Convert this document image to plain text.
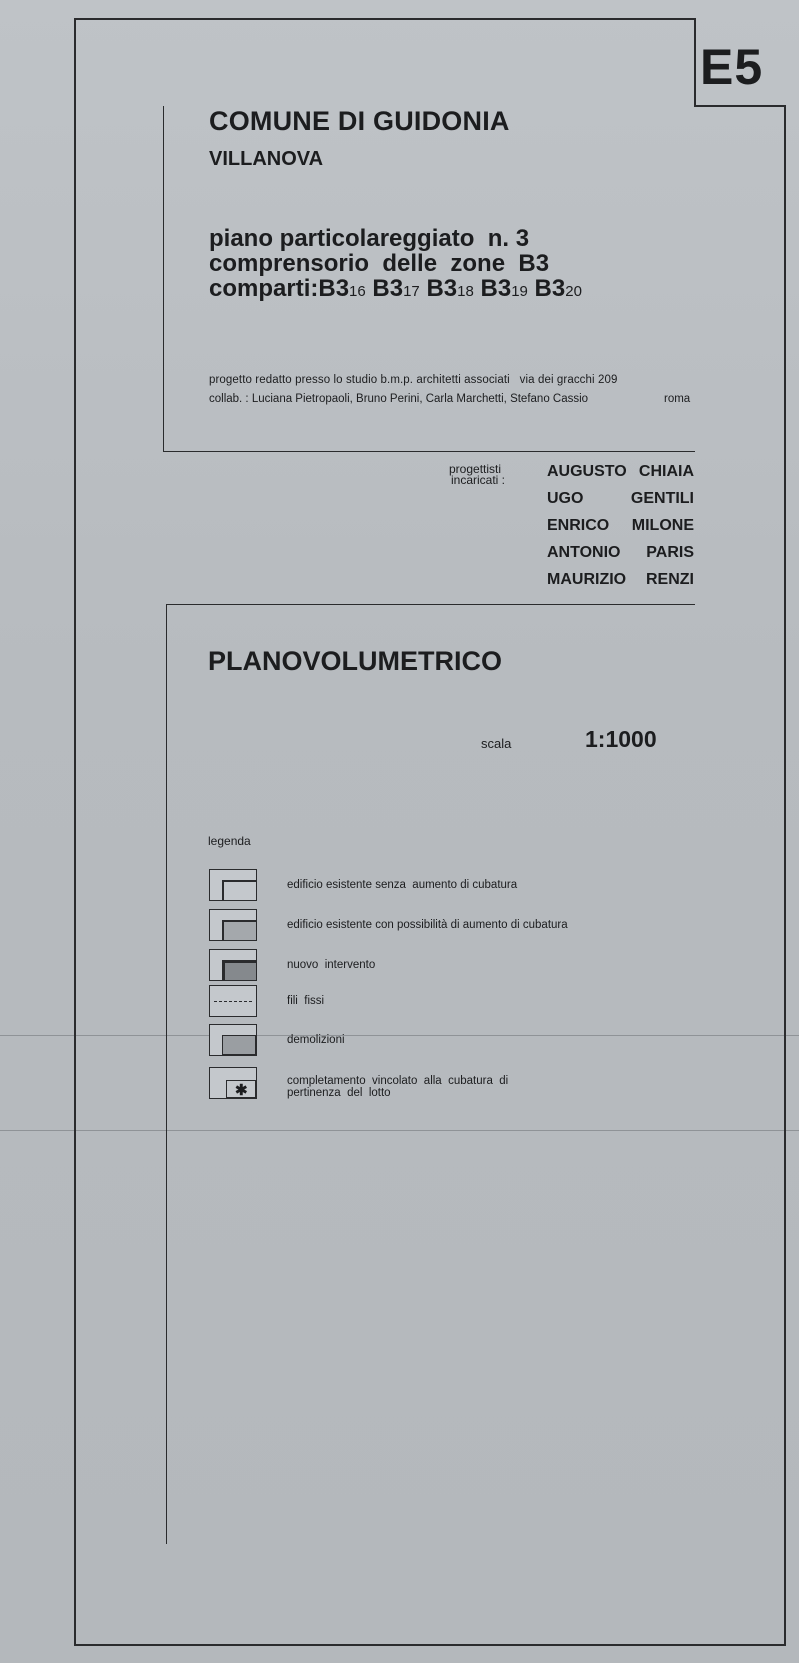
E5
COMUNE DI GUIDONIA
VILLANOVA
piano particolareggiato  n. 3
comprensorio  delle  zone  B3
comparti:B316 B317 B318 B319 B320
progetto redatto presso lo studio b.m.p. architetti associati   via dei gracchi 209
collab. : Luciana Pietropaoli, Bruno Perini, Carla Marchetti, Stefano Cassio	roma
progettisti
incaricati :	AUGUSTO CHIAIA
UGO	GENTILI
ENRICO MILONE
ANTONIO PARIS
MAURIZIO RENZI
PLANOVOLUMETRICO
scala	1:1000
legenda
edificio esistente senza  aumento di cubatura
edificio esistente con possibilità di aumento di cubatura
nuovo  intervento
fili  fissi
demolizioni
✱
completamento  vincolato  alla  cubatura  di
pertinenza  del  lotto
